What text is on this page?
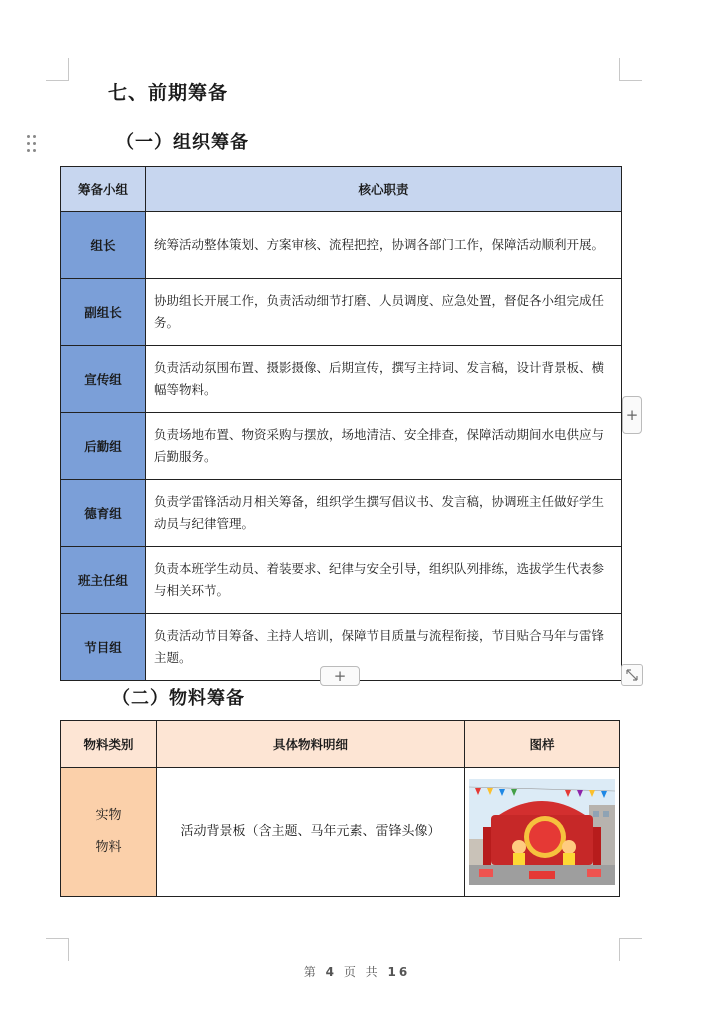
七、前期筹备
（一）组织筹备
筹备小组	核心职责
组长	统筹活动整体策划、方案审核、流程把控，协调各部门工作，保障活动顺利开展。
副组长	协助组长开展工作，负责活动细节打磨、人员调度、应急处置，督促各小组完成任务。
宣传组	负责活动氛围布置、摄影摄像、后期宣传，撰写主持词、发言稿，设计背景板、横幅等物料。
后勤组	负责场地布置、物资采购与摆放，场地清洁、安全排查，保障活动期间水电供应与后勤服务。
德育组	负责学雷锋活动月相关筹备，组织学生撰写倡议书、发言稿，协调班主任做好学生动员与纪律管理。
班主任组	负责本班学生动员、着装要求、纪律与安全引导，组织队列排练，选拔学生代表参与相关环节。
节目组	负责活动节目筹备、主持人培训，保障节目质量与流程衔接，节目贴合马年与雷锋主题。
+
+
（二）物料筹备
物料类别	具体物料明细	图样

实物
物料	活动背景板（含主题、马年元素、雷锋头像）	
第 4 页 共 16
